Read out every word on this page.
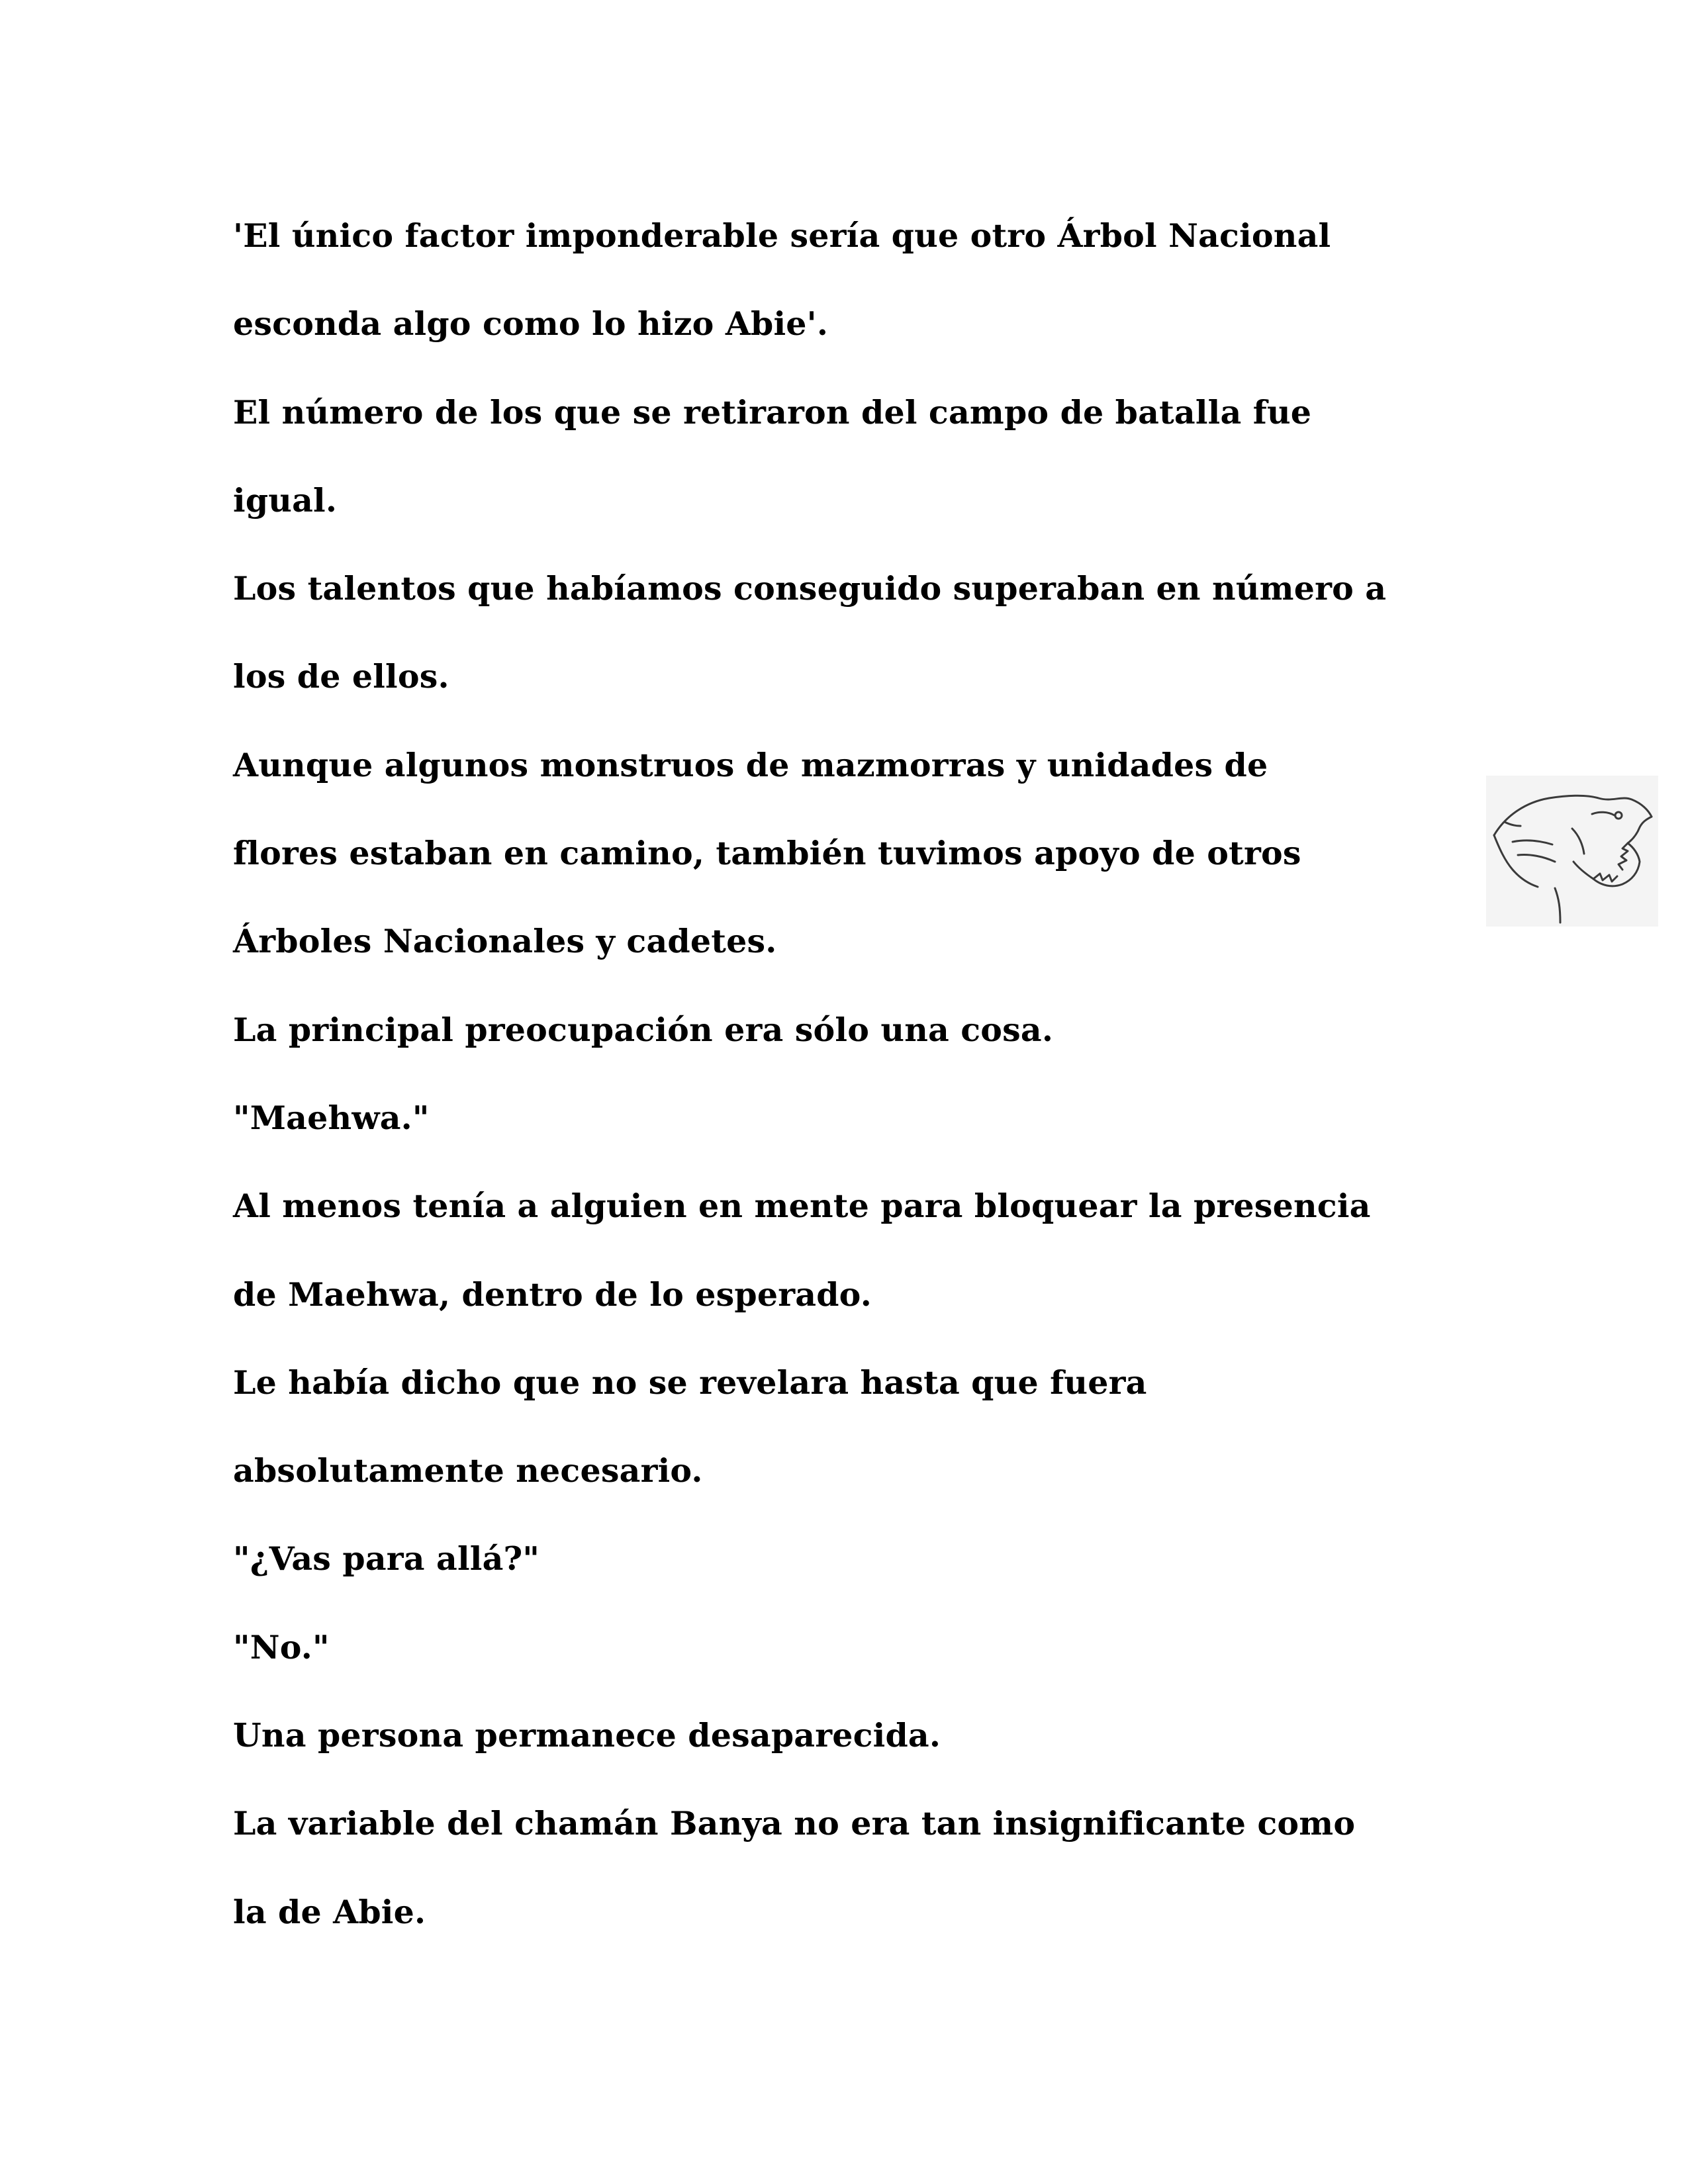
'El único factor imponderable sería que otro Árbol Nacional
esconda algo como lo hizo Abie'.
El número de los que se retiraron del campo de batalla fue
igual.
Los talentos que habíamos conseguido superaban en número a
los de ellos.
Aunque algunos monstruos de mazmorras y unidades de
flores estaban en camino, también tuvimos apoyo de otros
Árboles Nacionales y cadetes.
La principal preocupación era sólo una cosa.
"Maehwa."
Al menos tenía a alguien en mente para bloquear la presencia
de Maehwa, dentro de lo esperado.
Le había dicho que no se revelara hasta que fuera
absolutamente necesario.
"¿Vas para allá?"
"No."
Una persona permanece desaparecida.
La variable del chamán Banya no era tan insignificante como
la de Abie.
